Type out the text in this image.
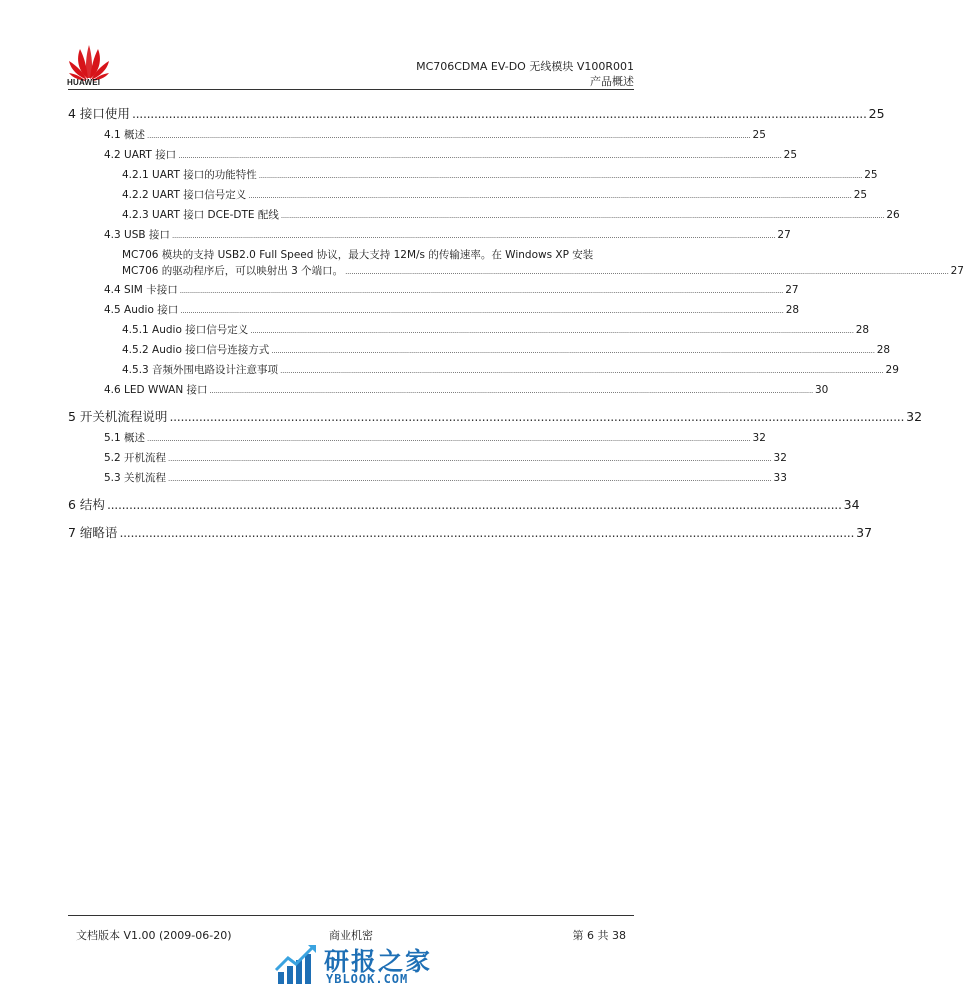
HUAWEI
MC706CDMA EV-DO 无线模块 V100R001
产品概述
4 接口使用 ........................................................................................................................................................................................................ 25
4.1 概述 .......................................................................................................................................................................................................................................................................................................... 25
4.2 UART 接口 .......................................................................................................................................................................................................................................................................................................... 25
4.2.1 UART 接口的功能特性 .......................................................................................................................................................................................................................................................................................................... 25
4.2.2 UART 接口信号定义 .......................................................................................................................................................................................................................................................................................................... 25
4.2.3 UART 接口 DCE-DTE 配线 .......................................................................................................................................................................................................................................................................................................... 26
4.3 USB 接口 .......................................................................................................................................................................................................................................................................................................... 27
MC706 模块的支持 USB2.0 Full Speed 协议，最大支持 12M/s 的传输速率。在 Windows XP 安装
MC706 的驱动程序后，可以映射出 3 个端口。 .......................................................................................................................................................................................................................................................................................................... 27
4.4 SIM 卡接口 .......................................................................................................................................................................................................................................................................................................... 27
4.5 Audio 接口 .......................................................................................................................................................................................................................................................................................................... 28
4.5.1 Audio 接口信号定义 .......................................................................................................................................................................................................................................................................................................... 28
4.5.2 Audio 接口信号连接方式 .......................................................................................................................................................................................................................................................................................................... 28
4.5.3 音频外围电路设计注意事项 .......................................................................................................................................................................................................................................................................................................... 29
4.6 LED WWAN 接口 .......................................................................................................................................................................................................................................................................................................... 30
5 开关机流程说明 ........................................................................................................................................................................................................ 32
5.1 概述 .......................................................................................................................................................................................................................................................................................................... 32
5.2 开机流程 .......................................................................................................................................................................................................................................................................................................... 32
5.3 关机流程 .......................................................................................................................................................................................................................................................................................................... 33
6 结构 ........................................................................................................................................................................................................ 34
7 缩略语 ........................................................................................................................................................................................................ 37
文档版本 V1.00 (2009-06-20)	商业机密	第 6 共 38
研报之家
YBLOOK.COM
